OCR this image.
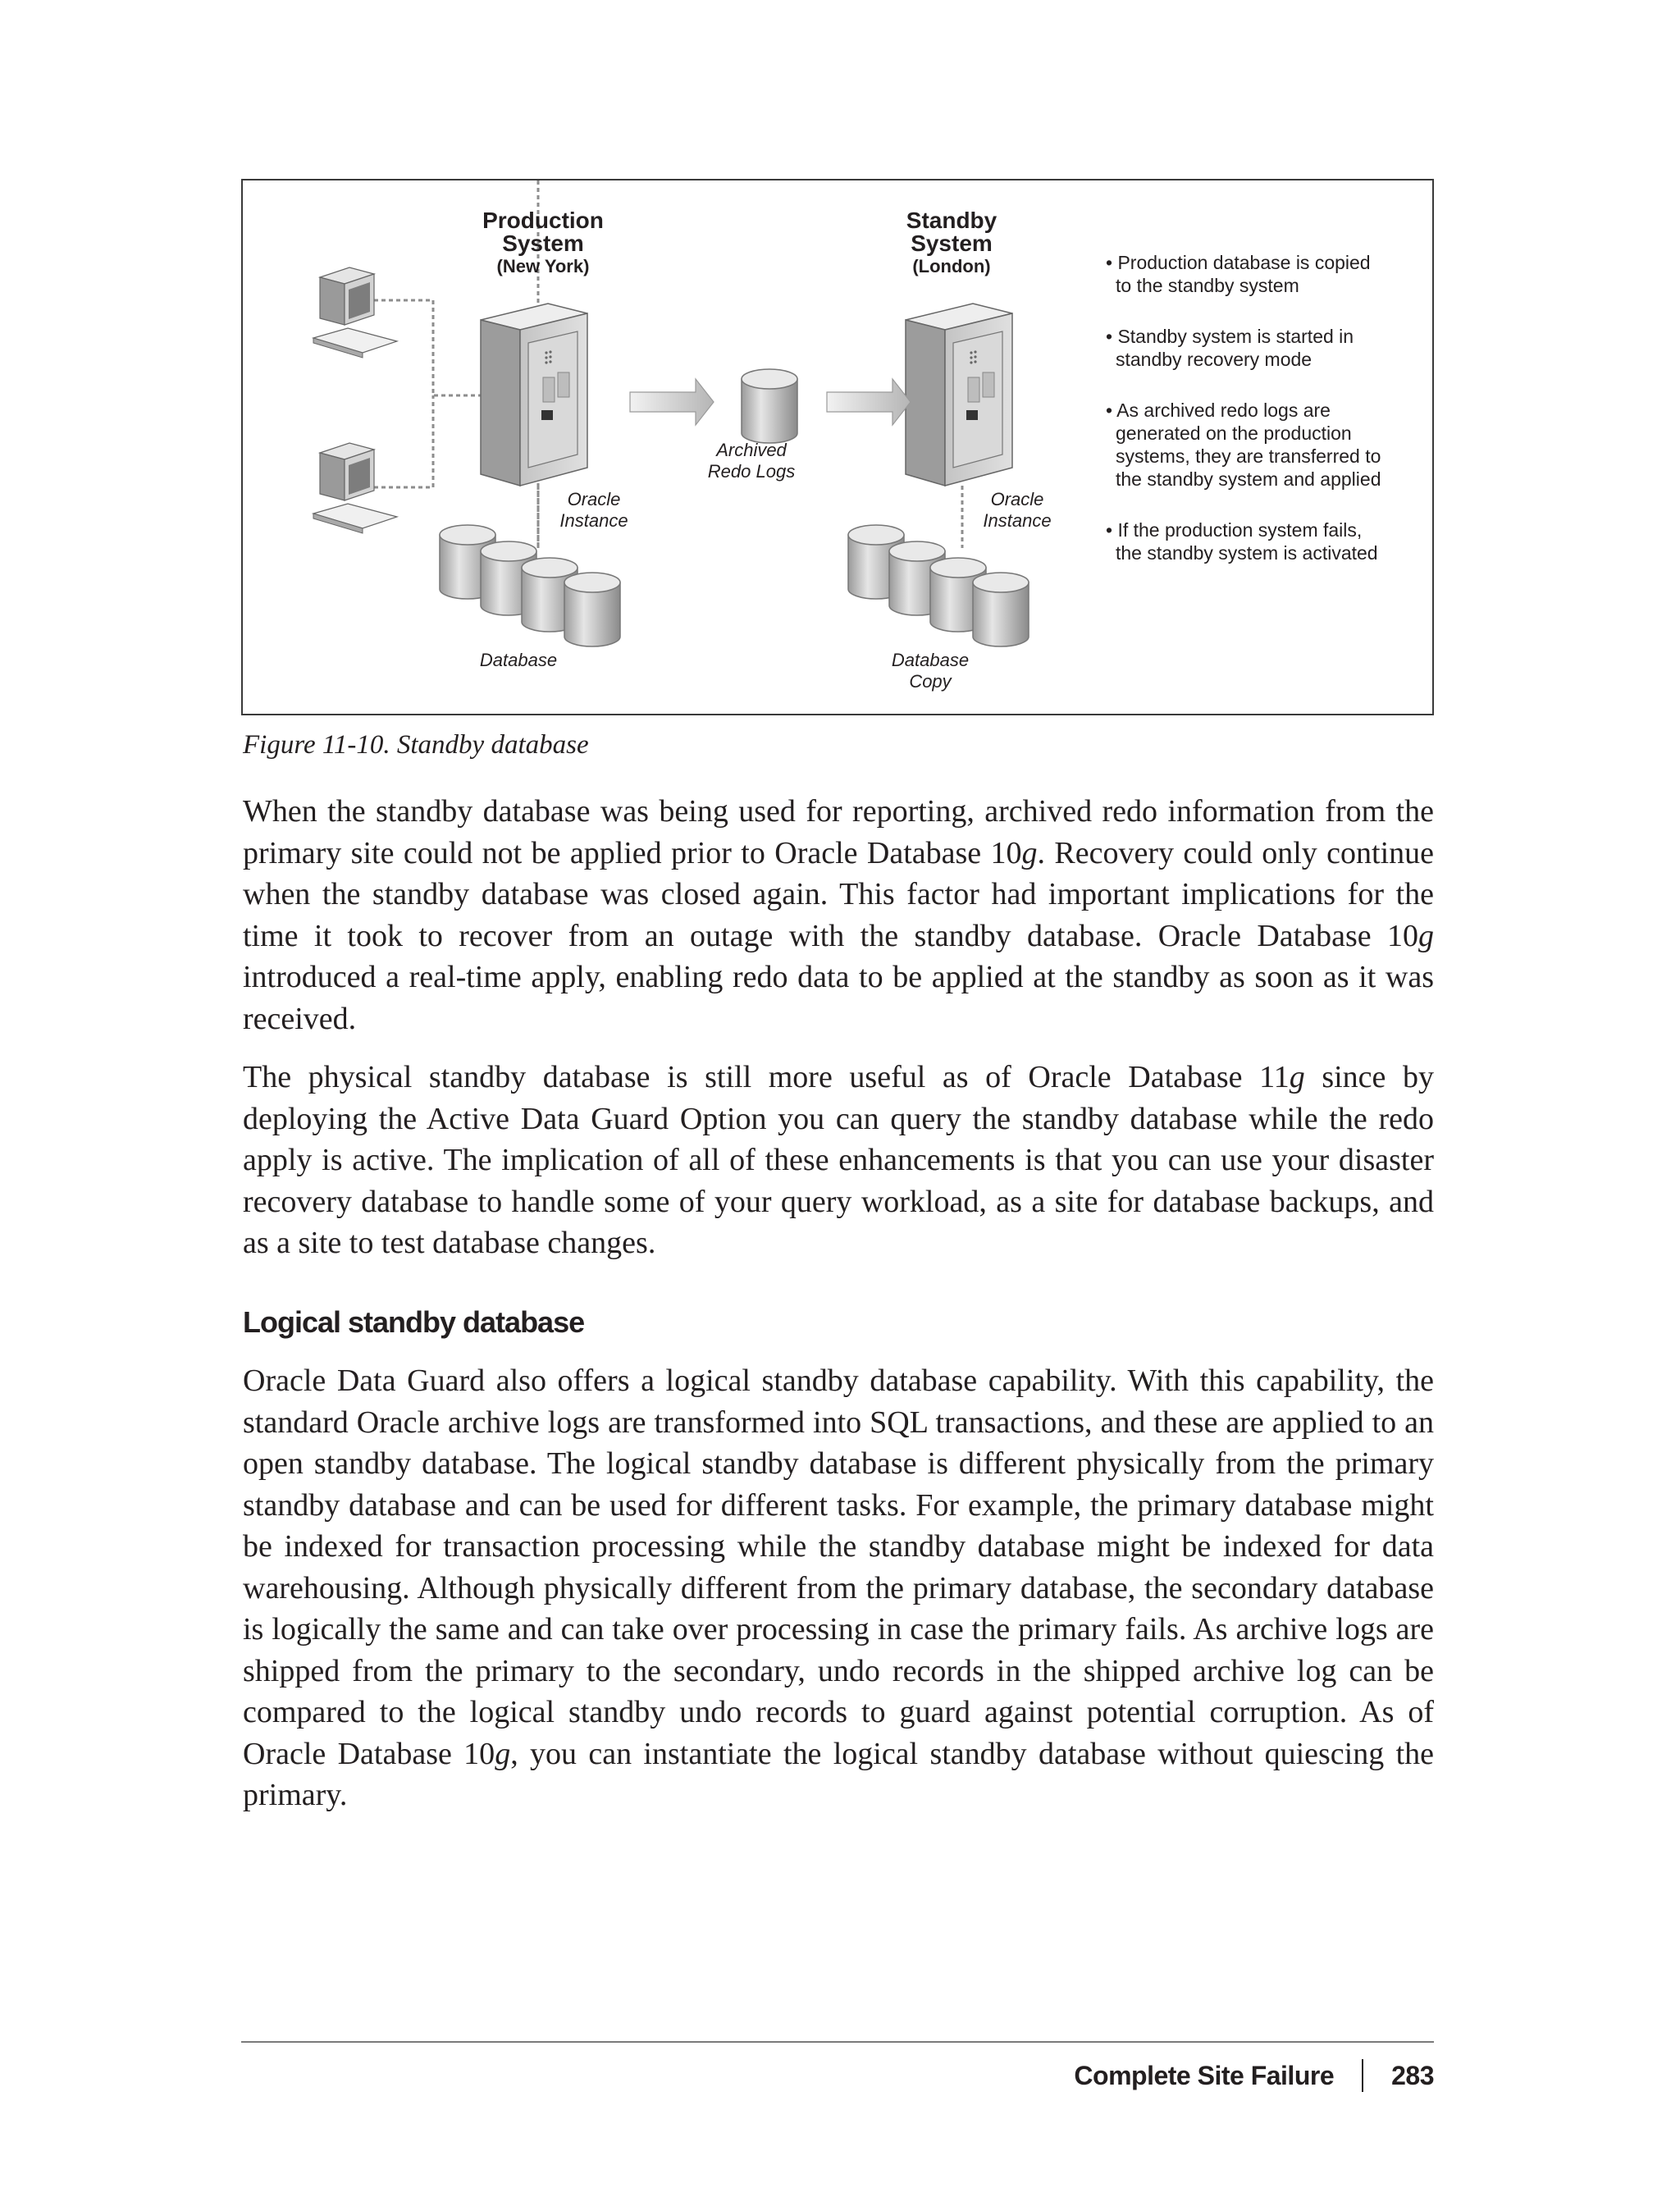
Production
System
(New York)
Standby
System
(London)
Archived
Redo Logs
Oracle
Instance
Oracle
Instance
Database	Database
Copy
• Production database is copied
to the standby system
• Standby system is started in
standby recovery mode
• As archived redo logs are
generated on the production
systems, they are transferred to
the standby system and applied
• If the production system fails,
the standby system is activated
Figure 11-10. Standby database

When the standby database was being used for reporting, archived redo information from the primary site could not be applied prior to Oracle Database 10g. Recovery could only continue when the standby database was closed again. This factor had important implications for the time it took to recover from an outage with the standby database. Oracle Database 10g introduced a real-time apply, enabling redo data to be applied at the standby as soon as it was received.

The physical standby database is still more useful as of Oracle Database 11g since by deploying the Active Data Guard Option you can query the standby database while the redo apply is active. The implication of all of these enhancements is that you can use your disaster recovery database to handle some of your query workload, as a site for database backups, and as a site to test database changes.

Logical standby database

Oracle Data Guard also offers a logical standby database capability. With this capability, the standard Oracle archive logs are transformed into SQL transactions, and these are applied to an open standby database. The logical standby database is different physically from the primary standby database and can be used for different tasks. For example, the primary database might be indexed for transaction processing while the standby database might be indexed for data warehousing. Although physically different from the primary database, the secondary database is logically the same and can take over processing in case the primary fails. As archive logs are shipped from the primary to the secondary, undo records in the shipped archive log can be compared to the logical standby undo records to guard against potential corruption. As of Oracle Database 10g, you can instantiate the logical standby database without quiescing the primary.

Complete Site Failure 283
